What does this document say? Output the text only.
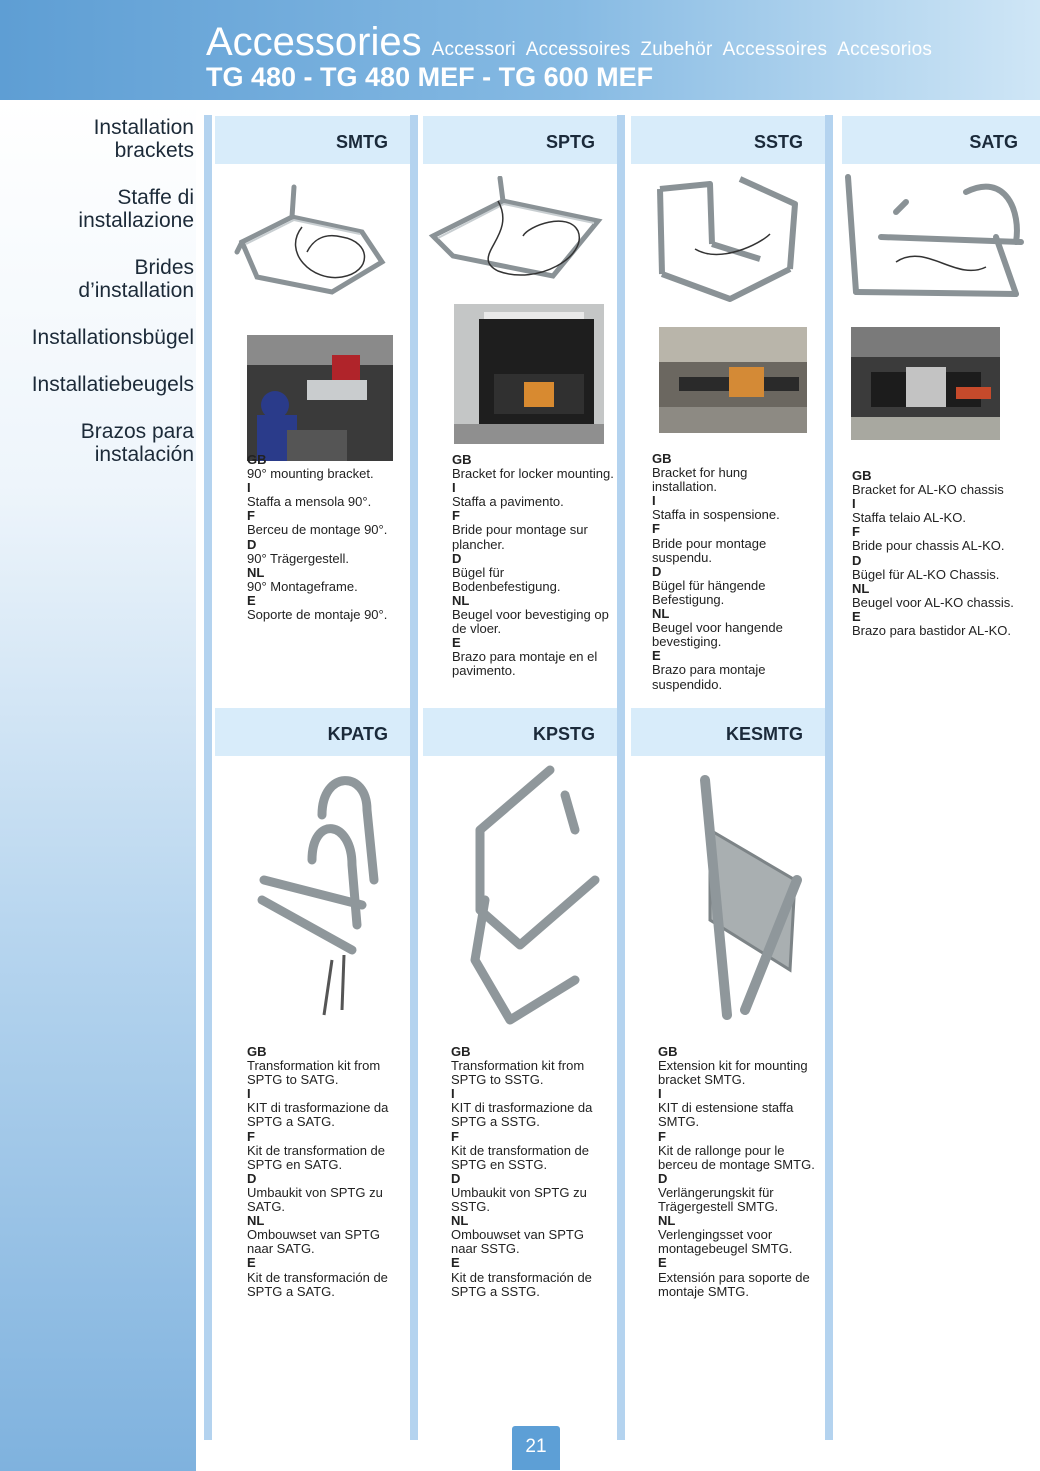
Accessories Accessori Accessoires Zubehör Accessoires Accesorios
TG 480 - TG 480 MEF - TG 600 MEF
Installation
brackets
Staffe di
installazione
Brides
d’installation
Installationsbügel
Installatiebeugels
Brazos para
instalación
SMTG	SPTG	SSTG	SATG
KPATG	KPSTG	KESMTG
GB
90° mounting bracket.
I
Staffa a mensola 90°.
F
Berceu de montage 90°.
D
90° Trägergestell.
NL
90° Montageframe.
E
Soporte de montaje 90°.
GB
Bracket for locker mounting.
I
Staffa a pavimento.
F
Bride pour montage sur plancher.
D
Bügel für Bodenbefestigung.
NL
Beugel voor bevestiging op de vloer.
E
Brazo para montaje en el pavimento.
GB
Bracket for hung installation.
I
Staffa in sospensione.
F
Bride pour montage suspendu.
D
Bügel für hängende Befestigung.
NL
Beugel voor hangende bevestiging.
E
Brazo para montaje suspendido.
GB
Bracket for AL-KO chassis
I
Staffa telaio AL-KO.
F
Bride pour chassis AL-KO.
D
Bügel für AL-KO Chassis.
NL
Beugel voor AL-KO chassis.
E
Brazo para bastidor AL-KO.
GB
Transformation kit from SPTG to SATG.
I
KIT di trasformazione da SPTG a SATG.
F
Kit de transformation de SPTG en SATG.
D
Umbaukit von SPTG zu SATG.
NL
Ombouwset van SPTG naar SATG.
E
Kit de transformación de SPTG a SATG.
GB
Transformation kit from SPTG to SSTG.
I
KIT di trasformazione da SPTG a SSTG.
F
Kit de transformation de SPTG en SSTG.
D
Umbaukit von SPTG zu SSTG.
NL
Ombouwset van SPTG naar SSTG.
E
Kit de transformación de SPTG a SSTG.
GB
Extension kit for mounting bracket SMTG.
I
KIT di estensione staffa SMTG.
F
Kit de rallonge pour le berceu de montage SMTG.
D
Verlängerungskit für Trägergestell SMTG.
NL
Verlengingsset voor montagebeugel SMTG.
E
Extensión para soporte de montaje SMTG.
21
